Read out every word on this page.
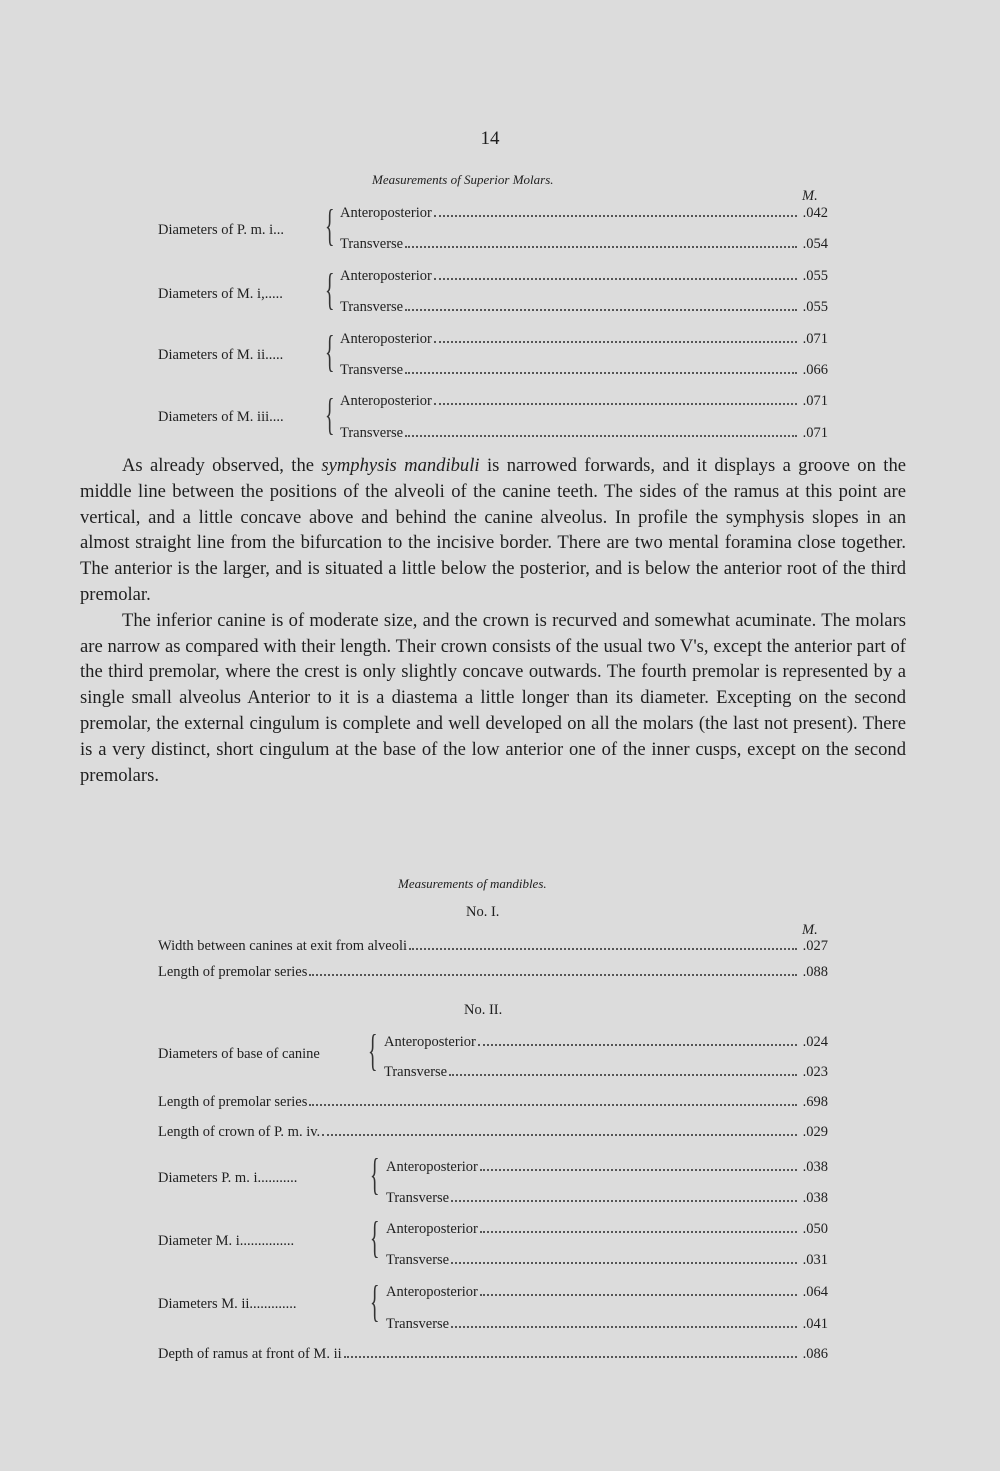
14
Measurements of Superior Molars.
M.
Diameters of P. m. i... { Anteroposterior	.042
Transverse	.054
Diameters of M. i,..... { Anteroposterior	.055
Transverse	.055
Diameters of M. ii..... { Anteroposterior	.071
Transverse	.066
Diameters of M. iii.... { Anteroposterior	.071
Transverse	.071

As already observed, the symphysis mandibuli is narrowed forwards, and it displays a groove on the middle line between the positions of the alveoli of the canine teeth. The sides of the ramus at this point are vertical, and a little concave above and behind the canine alveolus. In profile the symphysis slopes in an almost straight line from the bifurcation to the incisive border. There are two mental foramina close together. The anterior is the larger, and is situated a little below the posterior, and is below the anterior root of the third premolar.

The inferior canine is of moderate size, and the crown is recurved and somewhat acuminate. The molars are narrow as compared with their length. Their crown consists of the usual two V's, except the anterior part of the third premolar, where the crest is only slightly concave outwards. The fourth premolar is represented by a single small alveolus Anterior to it is a diastema a little longer than its diameter. Excepting on the second premolar, the external cingulum is complete and well developed on all the molars (the last not present). There is a very distinct, short cingulum at the base of the low anterior one of the inner cusps, except on the second premolars.

Measurements of mandibles.
No. I.
M.
Width between canines at exit from alveoli	.027
Length of premolar series	.088
No. II.
Diameters of base of canine { Anteroposterior	.024
Transverse	.023
Length of premolar series	.698
Length of crown of P. m. iv.	.029
Diameters P. m. i........... { Anteroposterior	.038
Transverse	.038
Diameter M. i............... { Anteroposterior	.050
Transverse	.031
Diameters M. ii............. { Anteroposterior	.064
Transverse	.041
Depth of ramus at front of M. ii	.086
